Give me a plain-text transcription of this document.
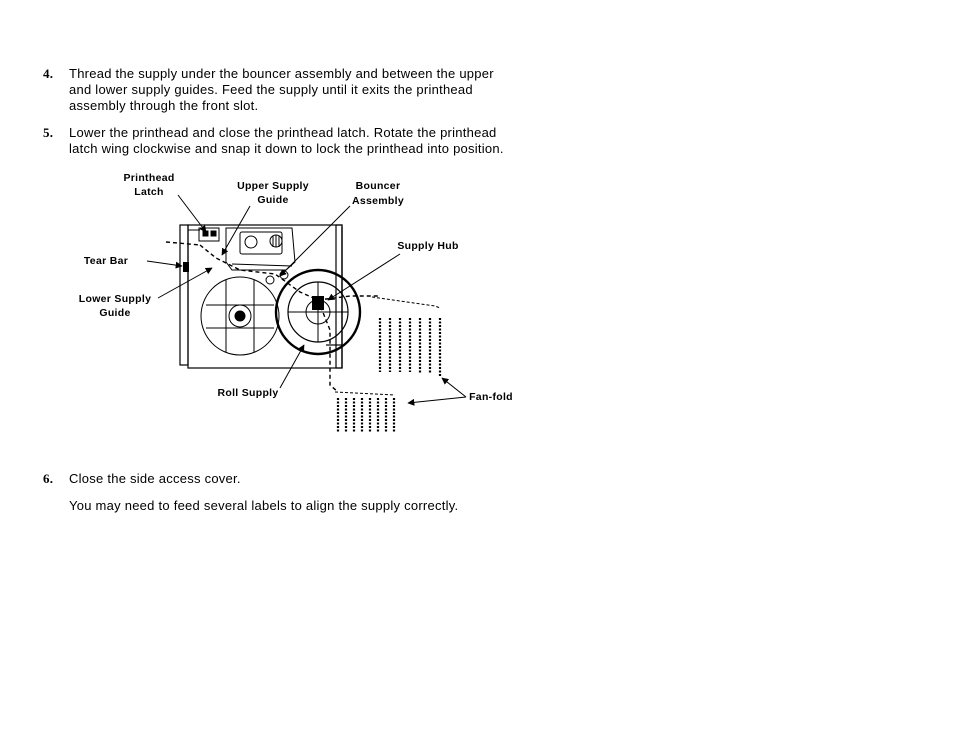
4. Thread the supply under the bouncer assembly and between the upper
and lower supply guides. Feed the supply until it exits the printhead
assembly through the front slot.
5. Lower the printhead and close the printhead latch. Rotate the printhead
latch wing clockwise and snap it down to lock the printhead into position.
Printhead
Latch	Upper Supply
Guide
Bouncer
Assembly
Supply Hub
Tear Bar
Lower Supply
Guide
Roll Supply	Fan-fold
6. Close the side access cover.
You may need to feed several labels to align the supply correctly.
